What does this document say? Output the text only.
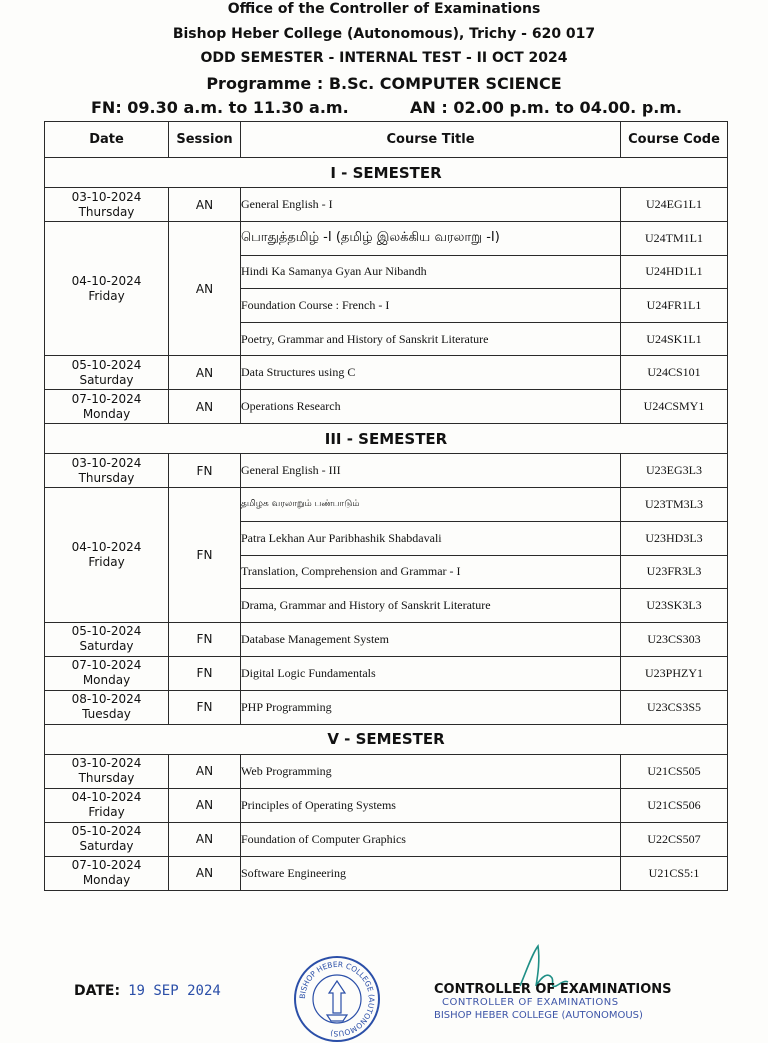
Office of the Controller of Examinations
Bishop Heber College (Autonomous), Trichy - 620 017
ODD SEMESTER - INTERNAL TEST - II OCT 2024
Programme : B.Sc. COMPUTER SCIENCE
FN: 09.30 a.m. to 11.30 a.m.	AN : 02.00 p.m. to 04.00. p.m.
Date	Session	Course Title	Course Code
I - SEMESTER			

03-10-2024
Thursday	AN	General English - I	U24EG1L1

04-10-2024
Friday	AN	பொதுத்தமிழ் -I (தமிழ் இலக்கிய வரலாறு -I)	U24TM1L1
		Hindi Ka Samanya Gyan Aur Nibandh	U24HD1L1
		Foundation Course : French - I	U24FR1L1
		Poetry, Grammar and History of Sanskrit Literature	U24SK1L1

05-10-2024
Saturday	AN	Data Structures using C	U24CS101

07-10-2024
Monday	AN	Operations Research	U24CSMY1
III - SEMESTER			

03-10-2024
Thursday	FN	General English - III	U23EG3L3

04-10-2024
Friday	FN	தமிழக வரலாறும் பண்பாடும்	U23TM3L3
		Patra Lekhan Aur Paribhashik Shabdavali	U23HD3L3
		Translation, Comprehension and Grammar - I	U23FR3L3
		Drama, Grammar and History of Sanskrit Literature	U23SK3L3

05-10-2024
Saturday	FN	Database Management System	U23CS303

07-10-2024
Monday	FN	Digital Logic Fundamentals	U23PHZY1

08-10-2024
Tuesday	FN	PHP Programming	U23CS3S5
V - SEMESTER			

03-10-2024
Thursday	AN	Web Programming	U21CS505

04-10-2024
Friday	AN	Principles of Operating Systems	U21CS506

05-10-2024
Saturday	AN	Foundation of Computer Graphics	U22CS507

07-10-2024
Monday	AN	Software Engineering	U21CS5:1
DATE: 19 SEP 2024	BISHOP HEBER COLLEGE (AUTONOMOUS)
CONTROLLER OF EXAMINATIONS
CONTROLLER OF EXAMINATIONS
BISHOP HEBER COLLEGE (AUTONOMOUS)
